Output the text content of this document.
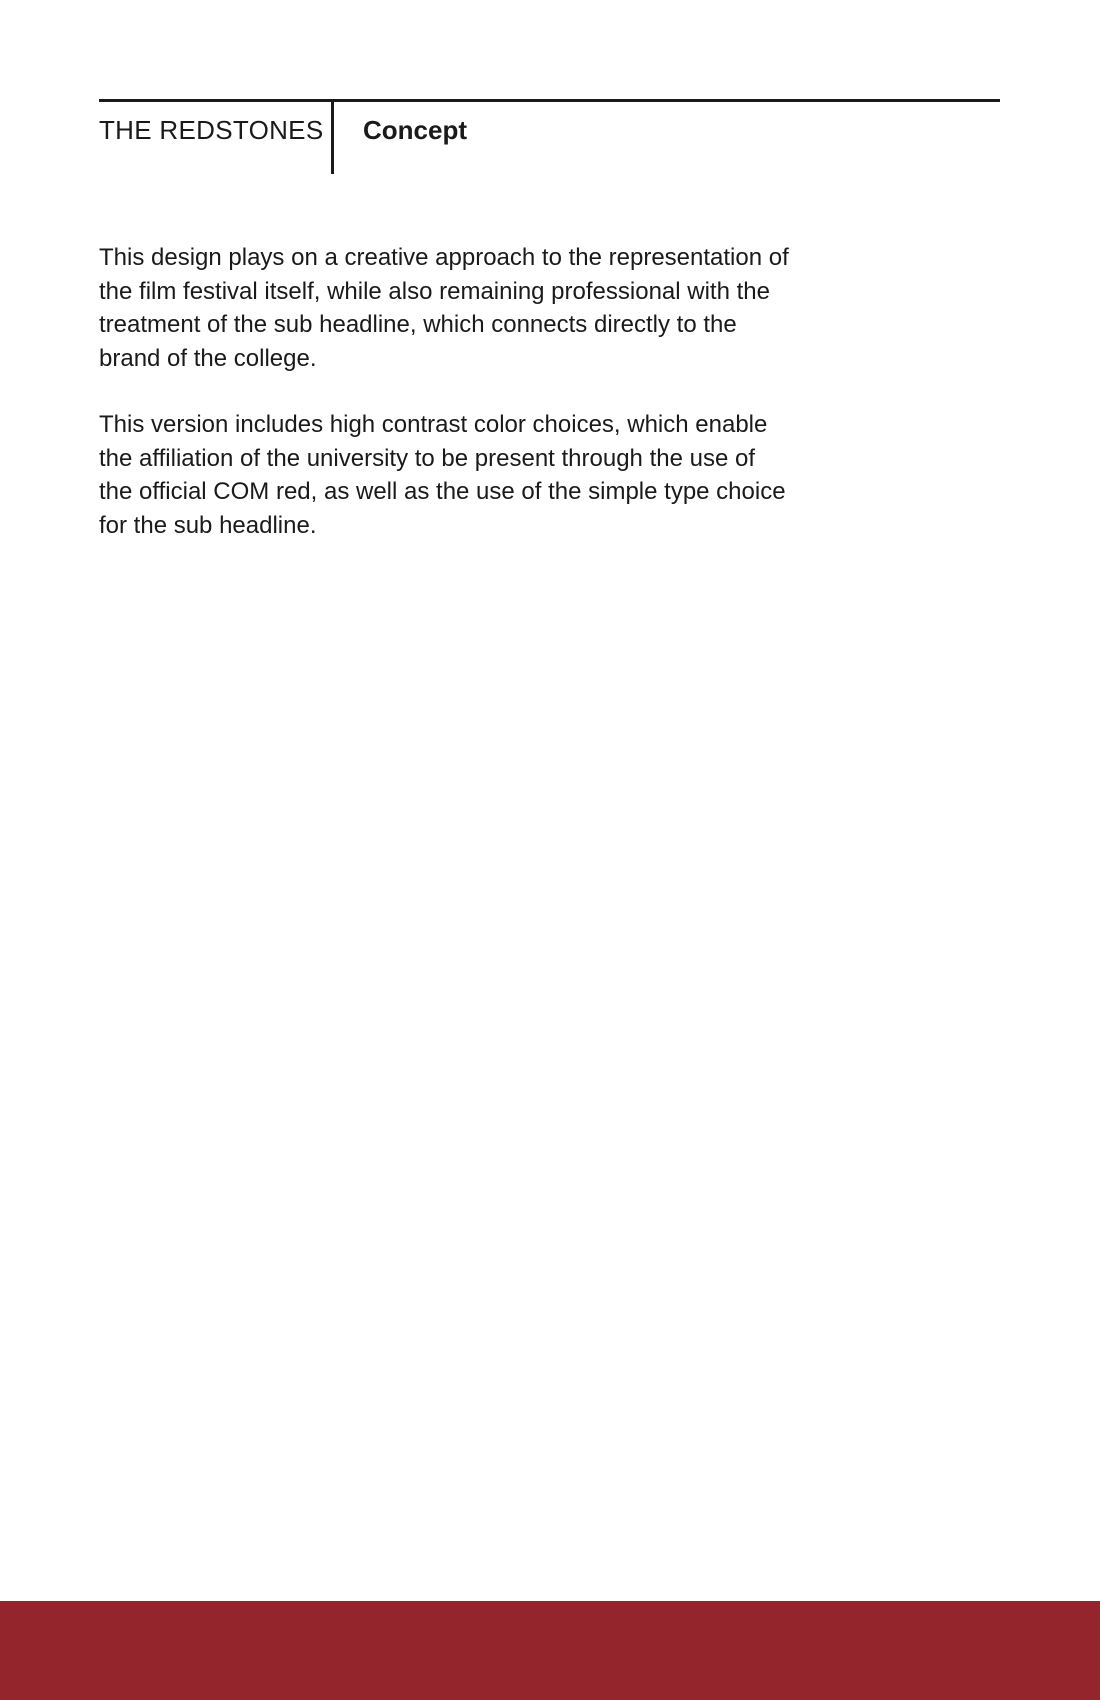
THE REDSTONES Concept

This design plays on a creative approach to the representation of the film festival itself, while also remaining professional with the treatment of the sub headline, which connects directly to the brand of the college.

This version includes high contrast color choices, which enable the affiliation of the university to be present through the use of the official COM red, as well as the use of the simple type choice for the sub headline.
